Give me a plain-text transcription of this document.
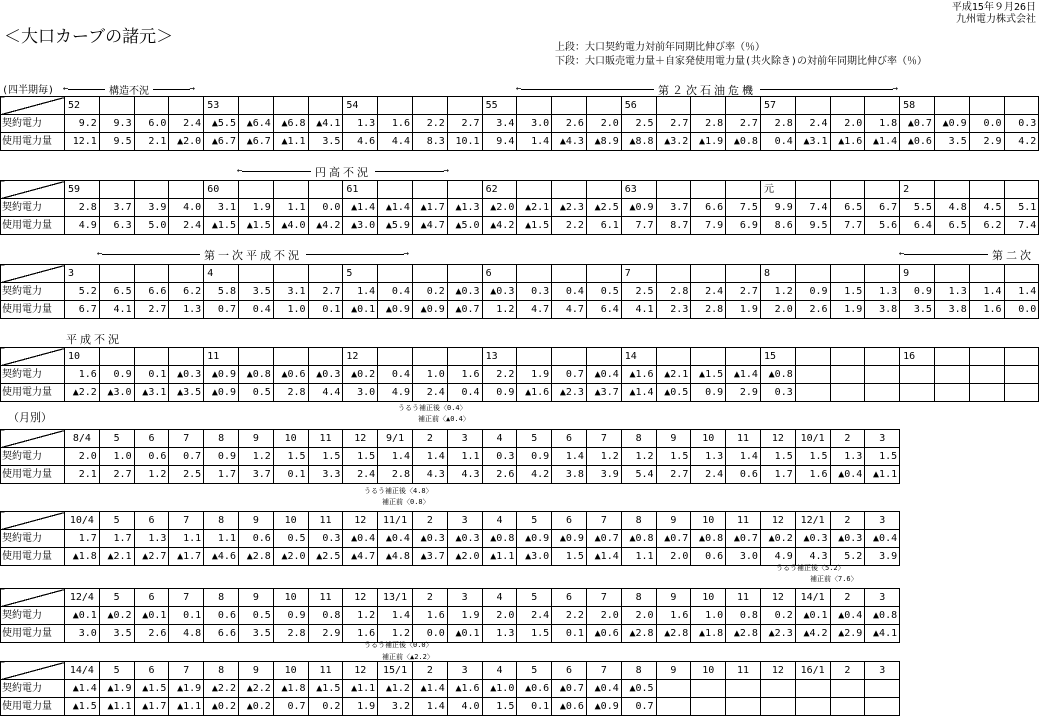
＜大口カーブの諸元＞
平成15年９月26日
九州電力株式会社
上段：大口契約電力対前年同期比伸び率（％）
下段：大口販売電力量＋自家発使用電力量(共火除き)の対前年同期比伸び率（％）
(四半期毎)
（月別）
←	→
構造不況	←	→
第２次石油危機
←	→
円高不況
←	→
第一次平成不況	←	第二次
平成不況
	52				53				54				55				56				57				58			
契約電力	9.2	9.3	6.0	2.4	▲5.5	▲6.4	▲6.8	▲4.1	1.3	1.6	2.2	2.7	3.4	3.0	2.6	2.0	2.5	2.7	2.8	2.7	2.8	2.4	2.0	1.8	▲0.7	▲0.9	0.0	0.3
使用電力量	12.1	9.5	2.1	▲2.0	▲6.7	▲6.7	▲1.1	3.5	4.6	4.4	8.3	10.1	9.4	1.4	▲4.3	▲8.9	▲8.8	▲3.2	▲1.9	▲0.8	0.4	▲3.1	▲1.6	▲1.4	▲0.6	3.5	2.9	4.2
	59				60				61				62				63				元				2			
契約電力	2.8	3.7	3.9	4.0	3.1	1.9	1.1	0.0	▲1.4	▲1.4	▲1.7	▲1.3	▲2.0	▲2.1	▲2.3	▲2.5	▲0.9	3.7	6.6	7.5	9.9	7.4	6.5	6.7	5.5	4.8	4.5	5.1
使用電力量	4.9	6.3	5.0	2.4	▲1.5	▲1.5	▲4.0	▲4.2	▲3.0	▲5.9	▲4.7	▲5.0	▲4.2	▲1.5	2.2	6.1	7.7	8.7	7.9	6.9	8.6	9.5	7.7	5.6	6.4	6.5	6.2	7.4
	3				4				5				6				7				8				9			
契約電力	5.2	6.5	6.6	6.2	5.8	3.5	3.1	2.7	1.4	0.4	0.2	▲0.3	▲0.3	0.3	0.4	0.5	2.5	2.8	2.4	2.7	1.2	0.9	1.5	1.3	0.9	1.3	1.4	1.4
使用電力量	6.7	4.1	2.7	1.3	0.7	0.4	1.0	0.1	▲0.1	▲0.9	▲0.9	▲0.7	1.2	4.7	4.7	6.4	4.1	2.3	2.8	1.9	2.0	2.6	1.9	3.8	3.5	3.8	1.6	0.0
	10				11				12				13				14				15				16			
契約電力	1.6	0.9	0.1	▲0.3	▲0.9	▲0.8	▲0.6	▲0.3	▲0.2	0.4	1.0	1.6	2.2	1.9	0.7	▲0.4	▲1.6	▲2.1	▲1.5	▲1.4	▲0.8							
使用電力量	▲2.2	▲3.0	▲3.1	▲3.5	▲0.9	0.5	2.8	4.4	3.0	4.9	2.4	0.4	0.9	▲1.6	▲2.3	▲3.7	▲1.4	▲0.5	0.9	2.9	0.3							
	8/4	5	6	7	8	9	10	11	12	9/1	2	3	4	5	6	7	8	9	10	11	12	10/1	2	3
契約電力	2.0	1.0	0.6	0.7	0.9	1.2	1.5	1.5	1.5	1.4	1.4	1.1	0.3	0.9	1.4	1.2	1.2	1.5	1.3	1.4	1.5	1.5	1.3	1.5
使用電力量	2.1	2.7	1.2	2.5	1.7	3.7	0.1	3.3	2.4	2.8	4.3	4.3	2.6	4.2	3.8	3.9	5.4	2.7	2.4	0.6	1.7	1.6	▲0.4	▲1.1
	10/4	5	6	7	8	9	10	11	12	11/1	2	3	4	5	6	7	8	9	10	11	12	12/1	2	3
契約電力	1.7	1.7	1.3	1.1	1.1	0.6	0.5	0.3	▲0.4	▲0.4	▲0.3	▲0.3	▲0.8	▲0.9	▲0.9	▲0.7	▲0.8	▲0.7	▲0.8	▲0.7	▲0.2	▲0.3	▲0.3	▲0.4
使用電力量	▲1.8	▲2.1	▲2.7	▲1.7	▲4.6	▲2.8	▲2.0	▲2.5	▲4.7	▲4.8	▲3.7	▲2.0	▲1.1	▲3.0	1.5	▲1.4	1.1	2.0	0.6	3.0	4.9	4.3	5.2	3.9
	12/4	5	6	7	8	9	10	11	12	13/1	2	3	4	5	6	7	8	9	10	11	12	14/1	2	3
契約電力	▲0.1	▲0.2	▲0.1	0.1	0.6	0.5	0.9	0.8	1.2	1.4	1.6	1.9	2.0	2.4	2.2	2.0	2.0	1.6	1.0	0.8	0.2	▲0.1	▲0.4	▲0.8
使用電力量	3.0	3.5	2.6	4.8	6.6	3.5	2.8	2.9	1.6	1.2	0.0	▲0.1	1.3	1.5	0.1	▲0.6	▲2.8	▲2.8	▲1.8	▲2.8	▲2.3	▲4.2	▲2.9	▲4.1
	14/4	5	6	7	8	9	10	11	12	15/1	2	3	4	5	6	7	8	9	10	11	12	16/1	2	3
契約電力	▲1.4	▲1.9	▲1.5	▲1.9	▲2.2	▲2.2	▲1.8	▲1.5	▲1.1	▲1.2	▲1.4	▲1.6	▲1.0	▲0.6	▲0.7	▲0.4	▲0.5							
使用電力量	▲1.5	▲1.1	▲1.7	▲1.1	▲0.2	▲0.2	0.7	0.2	1.9	3.2	1.4	4.0	1.5	0.1	▲0.6	▲0.9	0.7							
うるう補正後〈0.4〉
補正前〈▲0.4〉
うるう補正後〈4.8〉
補正前〈0.8〉
うるう補正後〈5.2〉
補正前〈7.6〉
うるう補正後〈0.0〉
補正前〈▲2.2〉
